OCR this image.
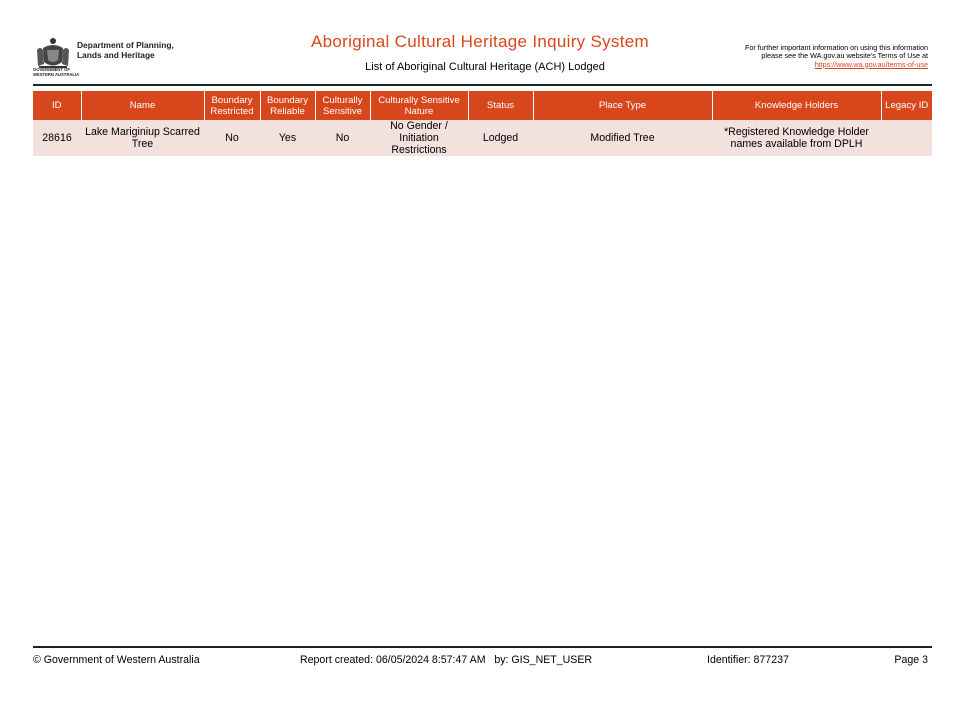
Department of Planning,
Lands and Heritage
GOVERNMENT OF
WESTERN AUSTRALIA
Aboriginal Cultural Heritage Inquiry System
List of Aboriginal Cultural Heritage (ACH) Lodged
For further important information on using this information
please see the WA.gov.au website's Terms of Use at
https://www.wa.gov.au/terms-of-use
ID	Name	Boundary Restricted	Boundary Reliable	Culturally Sensitive	Culturally Sensitive Nature	Status	Place Type	Knowledge Holders	Legacy ID
28616	Lake Mariginiup Scarred Tree	No	Yes	No	No Gender / Initiation Restrictions	Lodged	Modified Tree	*Registered Knowledge Holder names available from DPLH	
© Government of Western Australia	Report created: 06/05/2024 8:57:47 AM   by: GIS_NET_USER	Identifier: 877237	Page 3
